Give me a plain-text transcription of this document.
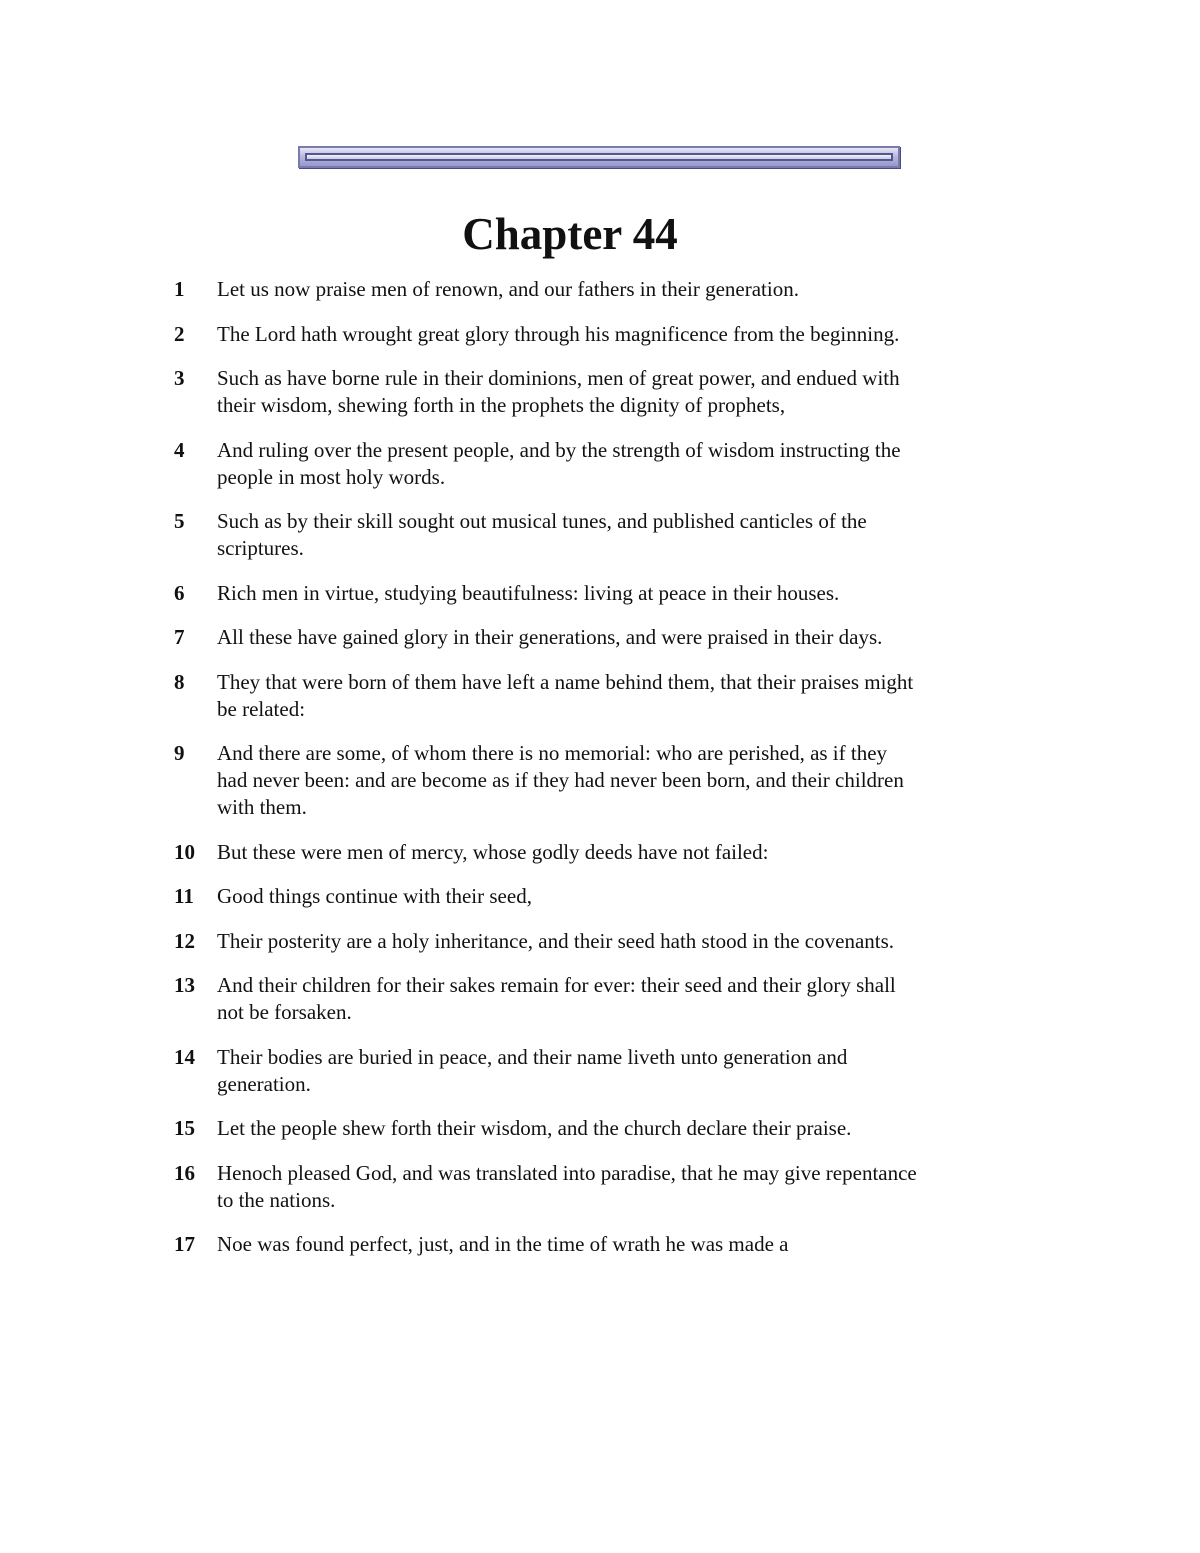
Chapter 44
1	Let us now praise men of renown, and our fathers in their generation.
2	The Lord hath wrought great glory through his magnificence from the beginning.
3	Such as have borne rule in their dominions, men of great power, and endued with their wisdom, shewing forth in the prophets the dignity of prophets,
4	And ruling over the present people, and by the strength of wisdom instructing the people in most holy words.
5	Such as by their skill sought out musical tunes, and published canticles of the scriptures.
6	Rich men in virtue, studying beautifulness: living at peace in their houses.
7	All these have gained glory in their generations, and were praised in their days.
8	They that were born of them have left a name behind them, that their praises might be related:
9	And there are some, of whom there is no memorial: who are perished, as if they had never been: and are become as if they had never been born, and their children with them.
10	But these were men of mercy, whose godly deeds have not failed:
11	Good things continue with their seed,
12	Their posterity are a holy inheritance, and their seed hath stood in the covenants.
13	And their children for their sakes remain for ever: their seed and their glory shall not be forsaken.
14	Their bodies are buried in peace, and their name liveth unto generation and generation.
15	Let the people shew forth their wisdom, and the church declare their praise.
16	Henoch pleased God, and was translated into paradise, that he may give repentance to the nations.
17	Noe was found perfect, just, and in the time of wrath he was made a
